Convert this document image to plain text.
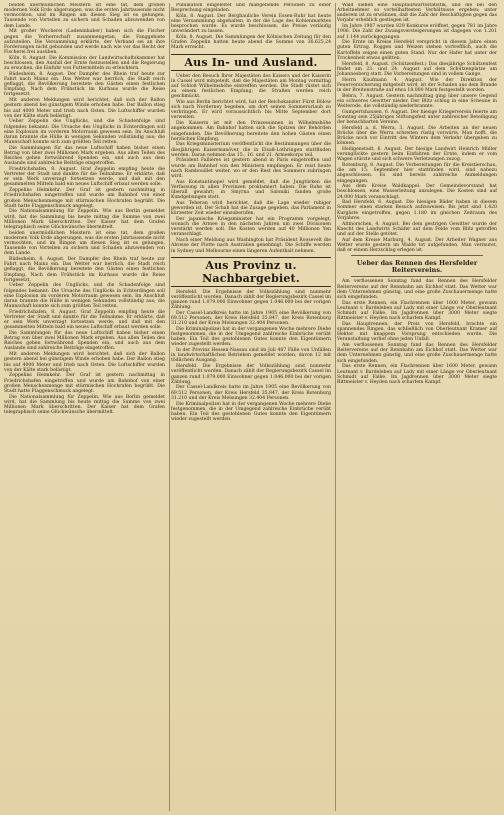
beiden unermüdlichen Meistern ist eine tat, dem großen modernen Volk Erde abgerungen, was die ersten Jahrtausende nicht vermochten, und im Ringen um diesen Sieg ist es gelungen, Tausende von Vorteilen zu sichern und Schaden abzuwenden von dem Lande.

Mit großer Wucherei (Ladeninhaber) haben sich die Fischer gegen die Vorherrschaft zusammengetan, die Fanggebiete aufzuteilen. Die Versammlung erklärte, der Verband sei an ihre Forderungen nicht gebunden und werde nach wie vor das Recht der Fischerei frei ausüben.

Köln, 8. August. Die Kommission der Landwirtschaftskammer hat beschlossen, den Ausfall der Ernte festzustellen und die Regierung zu ersuchen, die Einfuhr von Futtermitteln zu erleichtern.

Rüdesheim, 8. August. Der Dampfer des Rhein traf heute zur Fahrt nach Mainz ein. Das Wetter war herrlich, die Stadt reich geflaggt, die Bevölkerung bereitete den Gästen einen festlichen Empfang. Nach dem Frühstück im Kurhaus wurde die Reise fortgesetzt.

Mit anderen Meldungen wird berichtet, daß sich der Ballon gestern abend bei günstigem Winde erhoben habe. Der Ballon stieg bis auf 4000 Meter und trieb nach Osten. Die Luftschiffer wurden von der Kälte stark belästigt.

Ueber Zeppelin des Unglücks, und die Schadenfolge sind folgendes bekannt: Die Ursache des Unglücks in Echterdingen soll eine Explosion im vorderen Motorraum gewesen sein. Im Anschluß daran brannte die Hülle in wenigen Sekunden vollständig aus; die Mannschaft konnte sich zum größten Teil retten.

Die Sammlungen für das neue Luftschiff haben bisher einen Betrag von über zwei Millionen Mark ergeben. Aus allen Teilen des Reiches gehen fortwährend Spenden ein, und auch aus dem Auslande sind zahlreiche Beiträge eingetroffen.

Friedrichshafen, 8. August. Graf Zeppelin empfing heute die Vertreter der Stadt und dankte für die Teilnahme. Er erklärte, daß er sein Werk unverzagt fortsetzen werde, und daß mit den gesammelten Mitteln bald ein neues Luftschiff erbaut werden solle.

Zeppelins Heimkehr. Der Graf ist gestern nachmittag in Friedrichshafen eingetroffen und wurde am Bahnhof von einer großen Menschenmenge mit stürmischen Hochrufen begrüßt. Die Stadt hatte Flaggenschmuck angelegt.

Die Nationalsammlung für Zeppelin. Wie aus Berlin gemeldet wird, hat die Sammlung bis heute mittag die Summe von zwei Millionen Mark überschritten. Der Kaiser hat dem Grafen telegraphisch seine Glückwünsche übermittelt.

beiden unermüdlichen Meistern ist eine tat, dem großen modernen Volk Erde abgerungen, was die ersten Jahrtausende nicht vermochten, und im Ringen um diesen Sieg ist es gelungen, Tausende von Vorteilen zu sichern und Schaden abzuwenden von dem Lande.

Rüdesheim, 8. August. Der Dampfer des Rhein traf heute zur Fahrt nach Mainz ein. Das Wetter war herrlich, die Stadt reich geflaggt, die Bevölkerung bereitete den Gästen einen festlichen Empfang. Nach dem Frühstück im Kurhaus wurde die Reise fortgesetzt.

Ueber Zeppelin des Unglücks, und die Schadenfolge sind folgendes bekannt: Die Ursache des Unglücks in Echterdingen soll eine Explosion im vorderen Motorraum gewesen sein. Im Anschluß daran brannte die Hülle in wenigen Sekunden vollständig aus; die Mannschaft konnte sich zum größten Teil retten.

Friedrichshafen, 8. August. Graf Zeppelin empfing heute die Vertreter der Stadt und dankte für die Teilnahme. Er erklärte, daß er sein Werk unverzagt fortsetzen werde, und daß mit den gesammelten Mitteln bald ein neues Luftschiff erbaut werden solle.

Die Sammlungen für das neue Luftschiff haben bisher einen Betrag von über zwei Millionen Mark ergeben. Aus allen Teilen des Reiches gehen fortwährend Spenden ein, und auch aus dem Auslande sind zahlreiche Beiträge eingetroffen.

Mit anderen Meldungen wird berichtet, daß sich der Ballon gestern abend bei günstigem Winde erhoben habe. Der Ballon stieg bis auf 4000 Meter und trieb nach Osten. Die Luftschiffer wurden von der Kälte stark belästigt.

Zeppelins Heimkehr. Der Graf ist gestern nachmittag in Friedrichshafen eingetroffen und wurde am Bahnhof von einer großen Menschenmenge mit stürmischen Hochrufen begrüßt. Die Stadt hatte Flaggenschmuck angelegt.

Die Nationalsammlung für Zeppelin. Wie aus Berlin gemeldet wird, hat die Sammlung bis heute mittag die Summe von zwei Millionen Mark überschritten. Der Kaiser hat dem Grafen telegraphisch seine Glückwünsche übermittelt.

Publikation eingeleitet und maßgebende Personen zu einer Besprechung eingeladen.

Köln, 8. August. Der Bergbauliche Verein Essen-Ruhr hat heute eine Versammlung abgehalten, in der die Lage des Kohlenmarktes besprochen wurde. Es wurde beschlossen, die Preise vorläufig unverändert zu lassen.

Köln, 8. August. Die Sammlungen der Kölnischen Zeitung für den Grafen Zeppelin hatten heute abend die Summe von 36.625,24 Mark erreicht.

Aus In- und Ausland.

Ueber den Besuch Ihrer Majestäten des Kaisers und der Kaiserin in Cassel wird mitgeteilt, daß die Majestäten am Montag vormittag auf Schloß Wilhelmshöhe eintreffen werden. Die Stadt rüstet sich zu einem festlichen Empfang; die Straßen werden reich geschmückt.

Wie aus Berlin berichtet wird, hat der Reichskanzler Fürst Bülow sich nach Norderney begeben, um dort seinen Sommerurlaub zu verbringen. Er wird voraussichtlich bis Mitte September dort verweilen.

Die Kaiserin ist mit den Prinzessinnen in Wilhelmshöhe angekommen. Am Bahnhof hatten sich die Spitzen der Behörden eingefunden. Die Bevölkerung bereitete den hohen Gästen einen herzlichen Empfang.

Das Kriegsministerium veröffentlicht die Bestimmungen über die diesjährigen Kaisermanöver, die in Elsaß-Lothringen stattfinden werden. Daran nehmen das 15., 16. und 21. Armeekorps teil.

Präsident Fallières ist gestern abend in Paris eingetroffen und wurde am Bahnhof von den Ministern empfangen. Er reist heute nach Rambouillet weiter, wo er den Rest des Sommers zubringen wird.

Aus Konstantinopel wird gemeldet, daß die Jungtürken die Verfassung in allen Provinzen proklamiert haben. Die Ruhe ist überall gewahrt; in Smyrna und Saloniki fanden große Kundgebungen statt.

Aus Teheran wird berichtet, daß die Lage wieder ruhiger geworden ist. Der Schah hat die Zusage gegeben, das Parlament in kürzester Zeit wieder einzuberufen.

Der japanische Kriegsminister hat ein Programm vorgelegt, wonach die Armee in den nächsten Jahren um zwei Divisionen verstärkt werden soll. Die Kosten werden auf 40 Millionen Yen veranschlagt.

Nach einer Meldung aus Washington hat Präsident Roosevelt die Abreise der Flotte nach Australien genehmigt. Die Schiffe werden in Sydney und Melbourne einen längeren Aufenthalt nehmen.

Aus Provinz u. Nachbargebiet.

Hersfeld. Die Ergebnisse der Volkszählung sind nunmehr veröffentlicht worden. Danach zählt der Regierungsbezirk Cassel im ganzen rund 1.079.000 Einwohner gegen 1.046.000 bei der vorigen Zählung.

Der Cassel-Landkreis hatte im Jahre 1905 eine Bevölkerung von 69.512 Personen, der Kreis Hersfeld 35.847, der Kreis Rotenburg 31.210 und der Kreis Melsungen 32.404 Personen.

Die Kriminalpolizei hat in der vergangenen Woche mehrere Diebe festgenommen, die in der Umgegend zahlreiche Einbrüche verübt haben. Ein Teil des gestohlenen Gutes konnte den Eigentümern wieder zugestellt werden.

In der Provinz Hessen-Nassau sind im Juli 487 Fälle von Unfällen in landwirtschaftlichen Betrieben gemeldet worden, davon 12 mit tödlichem Ausgang.

Hersfeld. Die Ergebnisse der Volkszählung sind nunmehr veröffentlicht worden. Danach zählt der Regierungsbezirk Cassel im ganzen rund 1.079.000 Einwohner gegen 1.046.000 bei der vorigen Zählung.

Der Cassel-Landkreis hatte im Jahre 1905 eine Bevölkerung von 69.512 Personen, der Kreis Hersfeld 35.847, der Kreis Rotenburg 31.210 und der Kreis Melsungen 32.404 Personen.

Die Kriminalpolizei hat in der vergangenen Woche mehrere Diebe festgenommen, die in der Umgegend zahlreiche Einbrüche verübt haben. Ein Teil des gestohlenen Gutes konnte den Eigentümern wieder zugestellt werden.

Wald siehen eine Hauptaufwärtsstatistik, und die bei den Arbeitnehmer so vorteilhaftesten Verhältnisse ergeben; unter anderem ist zu erwähnen, daß die Zahl der Beschäftigten gegen das Vorjahr erheblich gestiegen ist.

Im Jahre 1907 wurden 829 Konkurse eröffnet, gegen 781 im Jahre 1906. Die Zahl der Zwangsversteigerungen ist dagegen von 1.201 auf 1.144 zurückgegangen.

Die Ernte im Kreise Hersfeld verspricht in diesem Jahre einen guten Ertrag. Roggen und Weizen stehen vortrefflich, auch die Kartoffeln zeigen einen guten Stand. Nur der Hafer hat unter der Trockenheit etwas gelitten.

Hersfeld, 8. August. (Schützenfest.) Das diesjährige Schützenfest findet am 23. und 24. August auf dem Schützenplatze am Johannesberg statt. Die Vorbereitungen sind in vollem Gange.

Herrn Kaufmann 4. August. Wie der Direktion der Feuerversicherung mitgeteilt wird, ist der Schaden aus dem Brande in der Breitenstraße auf etwa 18.000 Mark festgestellt worden.

Bebra, 7. August. Gestern nachmittag ging über unsere Gegend ein schweres Gewitter nieder. Der Blitz schlug in eine Scheune in Weiterode, die vollständig niederbrannte.

Gumpertshausen, 6. August. Der hiesige Kriegerverein feierte am Sonntag sein 25jähriges Stiftungsfest unter zahlreicher Beteiligung der benachbarten Vereine.

Hersfeld a. d. Werra, 3. August. Die Arbeiten an der neuen Brücke über die Werra schreiten rüstig vorwärts. Man hofft, die Brücke noch vor Eintritt des Winters dem Verkehr übergeben zu können.

Heiligenstadt, 6. August. Der hiesige Landwirt Heinrich Müller verunglückte gestern beim Einfahren der Ernte, indem er vom Wagen stürzte und sich schwere Verletzungen zuzog.

Rotenburg, 8. August. Die Vorbereitungen für die Kreistierschau, die am 15. September hier stattfinden wird, sind nahezu abgeschlossen. Es sind bereits zahlreiche Anmeldungen eingegangen.

Aus dem Kreise Waldkappel. Der Gemeindevorstand hat beschlossen, eine Wasserleitung anzulegen. Die Kosten sind auf 24.000 Mark veranschlagt.

Bad Hersfeld, 6. August. Die hiesigen Bäder haben in diesem Sommer einen starken Besuch aufzuweisen. Bis jetzt sind 1.420 Kurgäste eingetroffen, gegen 1.180 im gleichen Zeitraum des Vorjahres.

Altmorschen, 4. August. Bei dem gestrigen Gewitter wurde der Knecht des Landwirts Schäfer auf dem Felde vom Blitz getroffen und auf der Stelle getötet.

Auf dem Kreise Marburg, 4. August. Der Arbeiter Wagner aus Wetter wurde gestern im Walde tot aufgefunden. Man vermutet, daß er einem Herzschlag erlegen ist.

Ueber das Rennen des Hersfelder Reitervereins.

Am verflossenen Sonntag fand das Rennen des Hersfelder Reitervereins auf der Rennbahn am Eichhof statt. Das Wetter war dem Unternehmen günstig, und eine große Zuschauermenge hatte sich eingefunden.

Das erste Rennen, ein Flachrennen über 1600 Meter, gewann Leutnant v. Bardeleben auf Lady mit einer Länge vor Oberleutnant Schmidt auf Falke. Im Jagdrennen über 3000 Meter siegte Rittmeister v. Heyden nach scharfem Kampf.

Das Hauptrennen, der Preis von Hersfeld, brachte ein spannendes Ringen, das schließlich von Oberleutnant Kramer auf Hektor mit knappem Vorsprung entschieden wurde. Die Veranstaltung verlief ohne jeden Unfall.

Am verflossenen Sonntag fand das Rennen des Hersfelder Reitervereins auf der Rennbahn am Eichhof statt. Das Wetter war dem Unternehmen günstig, und eine große Zuschauermenge hatte sich eingefunden.

Das erste Rennen, ein Flachrennen über 1600 Meter, gewann Leutnant v. Bardeleben auf Lady mit einer Länge vor Oberleutnant Schmidt auf Falke. Im Jagdrennen über 3000 Meter siegte Rittmeister v. Heyden nach scharfem Kampf.
